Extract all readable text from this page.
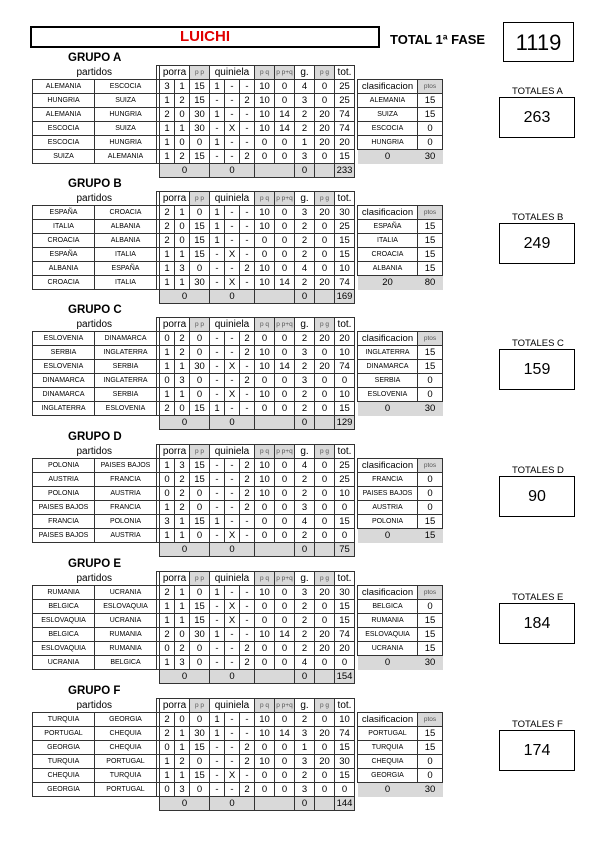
LUICHI	TOTAL 1ª FASE	1119
GRUPO A
partidos			porra		p p	quiniela			p q	p p+q	g.	p g	tot.			
ALEMANIA	ESCOCIA		3	1	15	1	-	-	10	0	4	0	25		clasificacion	ptos
HUNGRIA	SUIZA		1	2	15	-	-	2	10	0	3	0	25		ALEMANIA	15
ALEMANIA	HUNGRIA		2	0	30	1	-	-	10	14	2	20	74		SUIZA	15
ESCOCIA	SUIZA		1	1	30	-	X	-	10	14	2	20	74		ESCOCIA	0
ESCOCIA	HUNGRIA		1	0	0	1	-	-	0	0	1	20	20		HUNGRIA	0
SUIZA	ALEMANIA		1	2	15	-	-	2	0	0	3	0	15		0	30
			0			0					0		233			
TOTALES A
263
GRUPO B
partidos			porra		p p	quiniela			p q	p p+q	g.	p g	tot.			
ESPAÑA	CROACIA		2	1	0	1	-	-	10	0	3	20	30		clasificacion	ptos
ITALIA	ALBANIA		2	0	15	1	-	-	10	0	2	0	25		ESPAÑA	15
CROACIA	ALBANIA		2	0	15	1	-	-	0	0	2	0	15		ITALIA	15
ESPAÑA	ITALIA		1	1	15	-	X	-	0	0	2	0	15		CROACIA	15
ALBANIA	ESPAÑA		1	3	0	-	-	2	10	0	4	0	10		ALBANIA	15
CROACIA	ITALIA		1	1	30	-	X	-	10	14	2	20	74		20	80
			0			0					0		169			
TOTALES B
249
GRUPO C
partidos			porra		p p	quiniela			p q	p p+q	g.	p g	tot.			
ESLOVENIA	DINAMARCA		0	2	0	-	-	2	0	0	2	20	20		clasificacion	ptos
SERBIA	INGLATERRA		1	2	0	-	-	2	10	0	3	0	10		INGLATERRA	15
ESLOVENIA	SERBIA		1	1	30	-	X	-	10	14	2	20	74		DINAMARCA	15
DINAMARCA	INGLATERRA		0	3	0	-	-	2	0	0	3	0	0		SERBIA	0
DINAMARCA	SERBIA		1	1	0	-	X	-	10	0	2	0	10		ESLOVENIA	0
INGLATERRA	ESLOVENIA		2	0	15	1	-	-	0	0	2	0	15		0	30
			0			0					0		129			
TOTALES C
159
GRUPO D
partidos			porra		p p	quiniela			p q	p p+q	g.	p g	tot.			
POLONIA	PAISES BAJOS		1	3	15	-	-	2	10	0	4	0	25		clasificacion	ptos
AUSTRIA	FRANCIA		0	2	15	-	-	2	10	0	2	0	25		FRANCIA	0
POLONIA	AUSTRIA		0	2	0	-	-	2	10	0	2	0	10		PAISES BAJOS	0
PAISES BAJOS	FRANCIA		1	2	0	-	-	2	0	0	3	0	0		AUSTRIA	0
FRANCIA	POLONIA		3	1	15	1	-	-	0	0	4	0	15		POLONIA	15
PAISES BAJOS	AUSTRIA		1	1	0	-	X	-	0	0	2	0	0		0	15
			0			0					0		75			
TOTALES D
90
GRUPO E
partidos			porra		p p	quiniela			p q	p p+q	g.	p g	tot.			
RUMANIA	UCRANIA		2	1	0	1	-	-	10	0	3	20	30		clasificacion	ptos
BELGICA	ESLOVAQUIA		1	1	15	-	X	-	0	0	2	0	15		BELGICA	0
ESLOVAQUIA	UCRANIA		1	1	15	-	X	-	0	0	2	0	15		RUMANIA	15
BELGICA	RUMANIA		2	0	30	1	-	-	10	14	2	20	74		ESLOVAQUIA	15
ESLOVAQUIA	RUMANIA		0	2	0	-	-	2	0	0	2	20	20		UCRANIA	15
UCRANIA	BELGICA		1	3	0	-	-	2	0	0	4	0	0		0	30
			0			0					0		154			
TOTALES E
184
GRUPO F
partidos			porra		p p	quiniela			p q	p p+q	g.	p g	tot.			
TURQUIA	GEORGIA		2	0	0	1	-	-	10	0	2	0	10		clasificacion	ptos
PORTUGAL	CHEQUIA		2	1	30	1	-	-	10	14	3	20	74		PORTUGAL	15
GEORGIA	CHEQUIA		0	1	15	-	-	2	0	0	1	0	15		TURQUIA	15
TURQUIA	PORTUGAL		1	2	0	-	-	2	10	0	3	20	30		CHEQUIA	0
CHEQUIA	TURQUIA		1	1	15	-	X	-	0	0	2	0	15		GEORGIA	0
GEORGIA	PORTUGAL		0	3	0	-	-	2	0	0	3	0	0		0	30
			0			0					0		144			
TOTALES F
174
